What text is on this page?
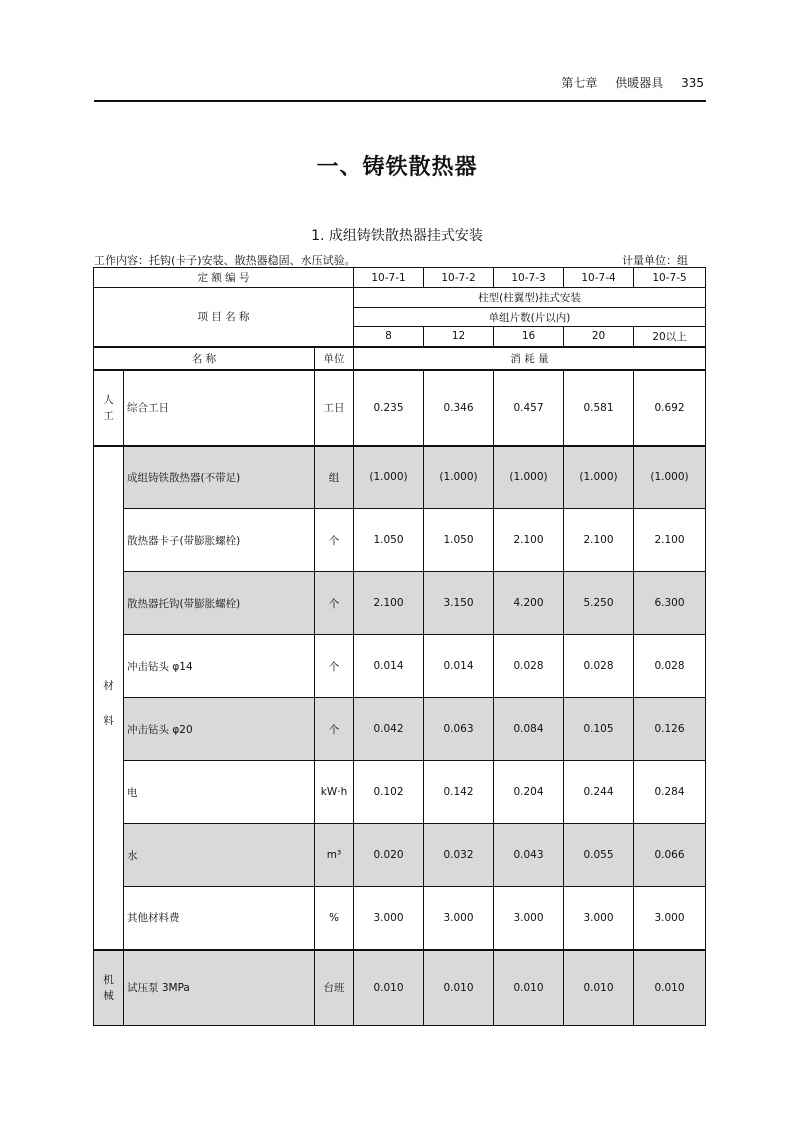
第七章 供暖器具 335
一、铸铁散热器
1. 成组铸铁散热器挂式安装
工作内容：托钩(卡子)安装、散热器稳固、水压试验。	计量单位：组
定 额 编 号			10-7-1	10-7-2	10-7-3	10-7-4	10-7-5
项 目 名 称			柱型(柱翼型)挂式安装				
			单组片数(片以内)				
			8	12	16	20	20以上
名 称		单位	消 耗 量				
人
工	综合工日	工日	0.235	0.346	0.457	0.581	0.692

材
料	成组铸铁散热器(不带足)	组	(1.000)	(1.000)	(1.000)	(1.000)	(1.000)
	散热器卡子(带膨胀螺栓)	个	1.050	1.050	2.100	2.100	2.100
	散热器托钩(带膨胀螺栓)	个	2.100	3.150	4.200	5.250	6.300
	冲击钻头 φ14	个	0.014	0.014	0.028	0.028	0.028
	冲击钻头 φ20	个	0.042	0.063	0.084	0.105	0.126
	电	kW·h	0.102	0.142	0.204	0.244	0.284
	水	m³	0.020	0.032	0.043	0.055	0.066
	其他材料费	%	3.000	3.000	3.000	3.000	3.000
机
械	试压泵 3MPa	台班	0.010	0.010	0.010	0.010	0.010
